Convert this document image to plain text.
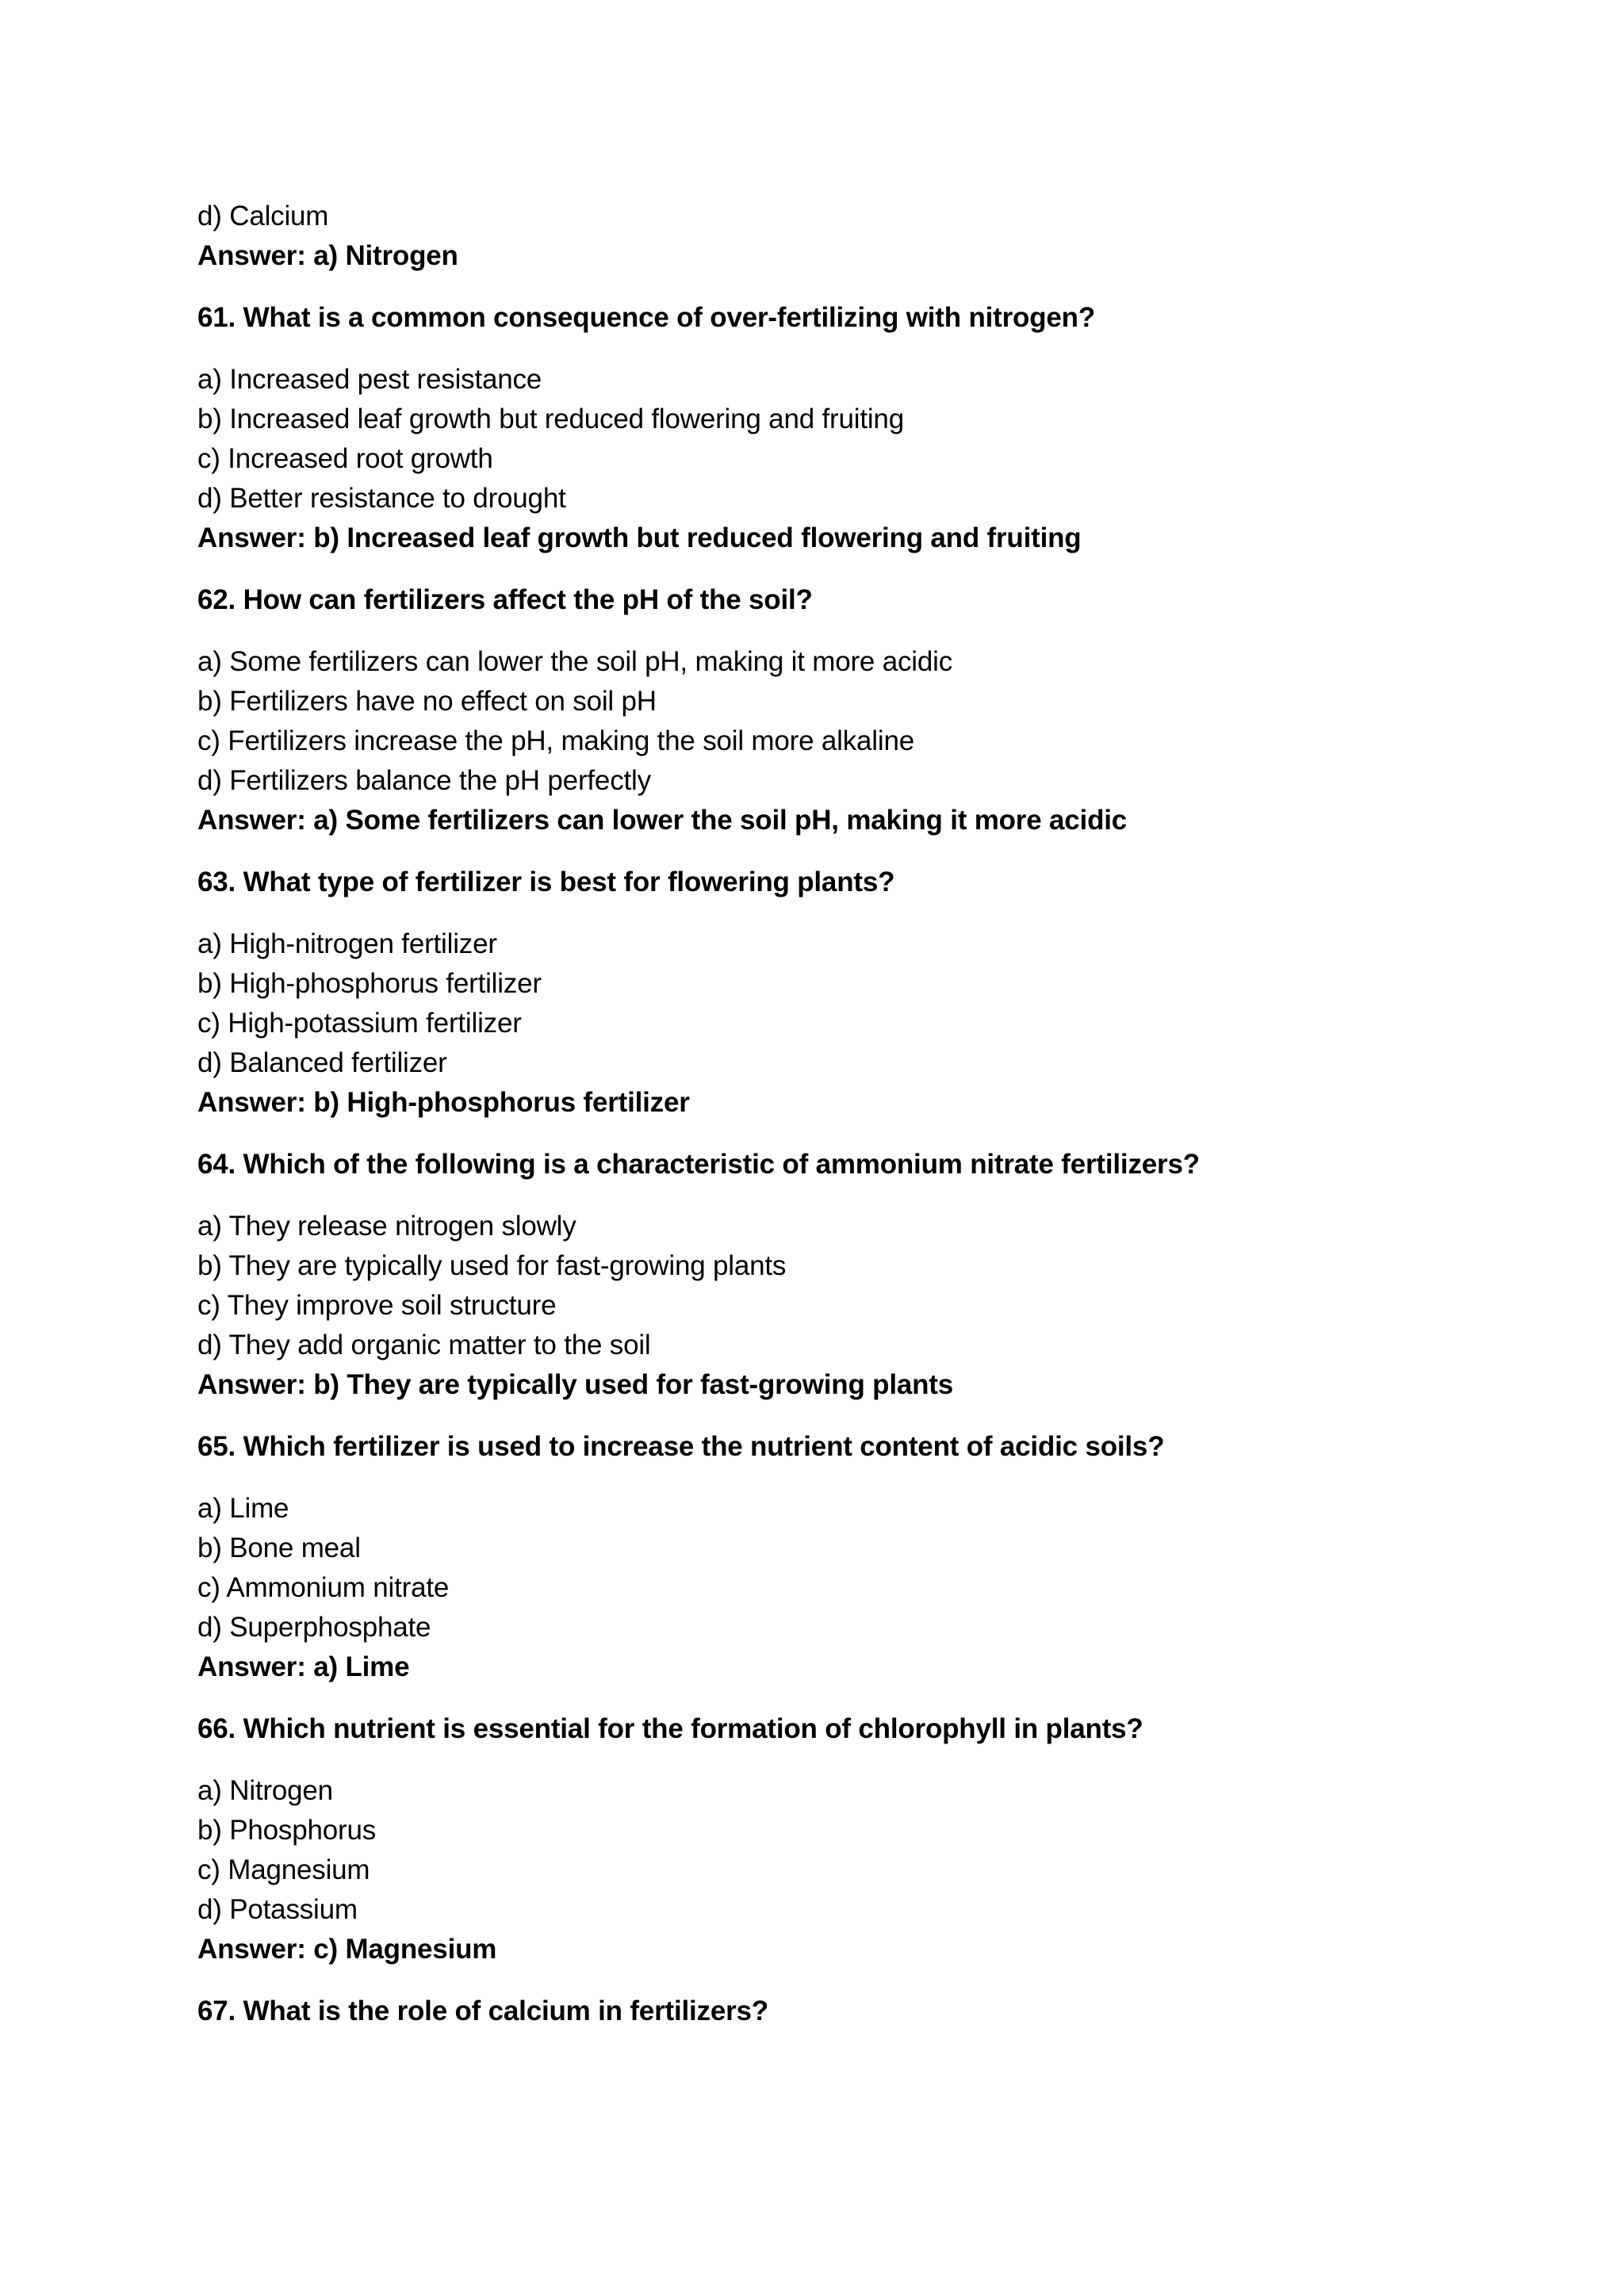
d) Calcium
Answer: a) Nitrogen
61. What is a common consequence of over-fertilizing with nitrogen?
a) Increased pest resistance
b) Increased leaf growth but reduced flowering and fruiting
c) Increased root growth
d) Better resistance to drought
Answer: b) Increased leaf growth but reduced flowering and fruiting
62. How can fertilizers affect the pH of the soil?
a) Some fertilizers can lower the soil pH, making it more acidic
b) Fertilizers have no effect on soil pH
c) Fertilizers increase the pH, making the soil more alkaline
d) Fertilizers balance the pH perfectly
Answer: a) Some fertilizers can lower the soil pH, making it more acidic
63. What type of fertilizer is best for flowering plants?
a) High-nitrogen fertilizer
b) High-phosphorus fertilizer
c) High-potassium fertilizer
d) Balanced fertilizer
Answer: b) High-phosphorus fertilizer
64. Which of the following is a characteristic of ammonium nitrate fertilizers?
a) They release nitrogen slowly
b) They are typically used for fast-growing plants
c) They improve soil structure
d) They add organic matter to the soil
Answer: b) They are typically used for fast-growing plants
65. Which fertilizer is used to increase the nutrient content of acidic soils?
a) Lime
b) Bone meal
c) Ammonium nitrate
d) Superphosphate
Answer: a) Lime
66. Which nutrient is essential for the formation of chlorophyll in plants?
a) Nitrogen
b) Phosphorus
c) Magnesium
d) Potassium
Answer: c) Magnesium
67. What is the role of calcium in fertilizers?
